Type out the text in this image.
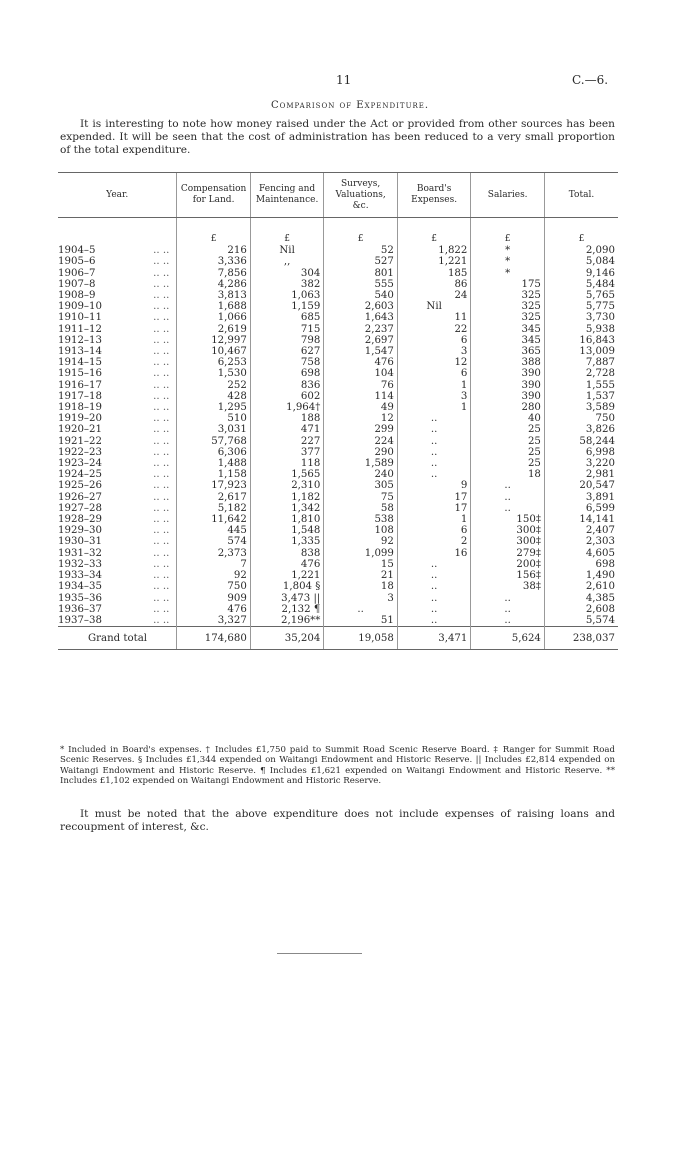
11	C.—6.
Comparison of Expenditure.

It is interesting to note how money raised under the Act or provided from other sources has been expended. It will be seen that the cost of administration has been reduced to a very small proportion of the total expenditure.

Year.	Compensation for Land.	Fencing and Maintenance.	Surveys, Valuations, &c.	Board's Expenses.	Salaries.	Total.

	£	£	£	£	£	£
1904–5 .. ..	216	Nil	52	1,822	*	2,090
1905–6 .. ..	3,336	,,	527	1,221	*	5,084
1906–7 .. ..	7,856	304	801	185	*	9,146
1907–8 .. ..	4,286	382	555	86	175	5,484
1908–9 .. ..	3,813	1,063	540	24	325	5,765
1909–10 .. ..	1,688	1,159	2,603	Nil	325	5,775
1910–11 .. ..	1,066	685	1,643	11	325	3,730
1911–12 .. ..	2,619	715	2,237	22	345	5,938
1912–13 .. ..	12,997	798	2,697	6	345	16,843
1913–14 .. ..	10,467	627	1,547	3	365	13,009
1914–15 .. ..	6,253	758	476	12	388	7,887
1915–16 .. ..	1,530	698	104	6	390	2,728
1916–17 .. ..	252	836	76	1	390	1,555
1917–18 .. ..	428	602	114	3	390	1,537
1918–19 .. ..	1,295	1,964†	49	1	280	3,589
1919–20 .. ..	510	188	12	..	40	750
1920–21 .. ..	3,031	471	299	..	25	3,826
1921–22 .. ..	57,768	227	224	..	25	58,244
1922–23 .. ..	6,306	377	290	..	25	6,998
1923–24 .. ..	1,488	118	1,589	..	25	3,220
1924–25 .. ..	1,158	1,565	240	..	18	2,981
1925–26 .. ..	17,923	2,310	305	9	..	20,547
1926–27 .. ..	2,617	1,182	75	17	..	3,891
1927–28 .. ..	5,182	1,342	58	17	..	6,599
1928–29 .. ..	11,642	1,810	538	1	150‡	14,141
1929–30 .. ..	445	1,548	108	6	300‡	2,407
1930–31 .. ..	574	1,335	92	2	300‡	2,303
1931–32 .. ..	2,373	838	1,099	16	279‡	4,605
1932–33 .. ..	7	476	15	..	200‡	698
1933–34 .. ..	92	1,221	21	..	156‡	1,490
1934–35 .. ..	750	1,804 §	18	..	38‡	2,610
1935–36 .. ..	909	3,473 ||	3	..	..	4,385
1936–37 .. ..	476	2,132 ¶	..	..	..	2,608
1937–38 .. ..	3,327	2,196**	51	..	..	5,574
Grand total	174,680	35,204	19,058	3,471	5,624	238,037

* Included in Board's expenses. † Includes £1,750 paid to Summit Road Scenic Reserve Board. ‡ Ranger for Summit Road Scenic Reserves. § Includes £1,344 expended on Waitangi Endowment and Historic Reserve. || Includes £2,814 expended on Waitangi Endowment and Historic Reserve. ¶ Includes £1,621 expended on Waitangi Endowment and Historic Reserve. ** Includes £1,102 expended on Waitangi Endowment and Historic Reserve.

It must be noted that the above expenditure does not include expenses of raising loans and recoupment of interest, &c.
